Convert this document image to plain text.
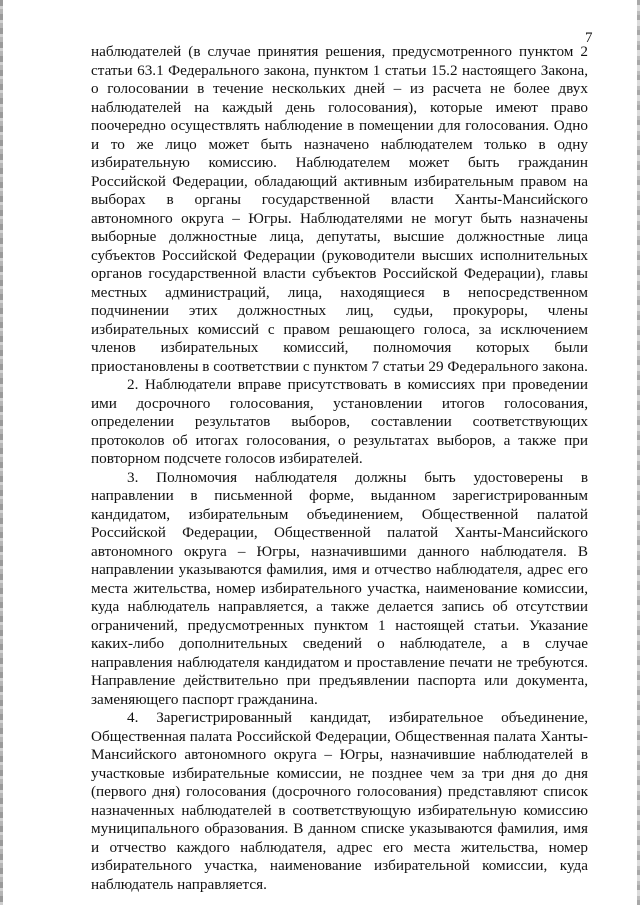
7

наблюдателей (в случае принятия решения, предусмотренного пунктом 2 статьи 63.1 Федерального закона, пунктом 1 статьи 15.2 настоящего Закона, о голосовании в течение нескольких дней – из расчета не более двух наблюдателей на каждый день голосования), которые имеют право поочередно осуществлять наблюдение в помещении для голосования. Одно и то же лицо может быть назначено наблюдателем только в одну избирательную комиссию. Наблюдателем может быть гражданин Российской Федерации, обладающий активным избирательным правом на выборах в органы государственной власти Ханты-Мансийского автономного округа – Югры. Наблюдателями не могут быть назначены выборные должностные лица, депутаты, высшие должностные лица субъектов Российской Федерации (руководители высших исполнительных органов государственной власти субъектов Российской Федерации), главы местных администраций, лица, находящиеся в непосредственном подчинении этих должностных лиц, судьи, прокуроры, члены избирательных комиссий с правом решающего голоса, за исключением членов избирательных комиссий, полномочия которых были приостановлены в соответствии с пунктом 7 статьи 29 Федерального закона.

2. Наблюдатели вправе присутствовать в комиссиях при проведении ими досрочного голосования, установлении итогов голосования, определении результатов выборов, составлении соответствующих протоколов об итогах голосования, о результатах выборов, а также при повторном подсчете голосов избирателей.

3. Полномочия наблюдателя должны быть удостоверены в направлении в письменной форме, выданном зарегистрированным кандидатом, избирательным объединением, Общественной палатой Российской Федерации, Общественной палатой Ханты-Мансийского автономного округа – Югры, назначившими данного наблюдателя. В направлении указываются фамилия, имя и отчество наблюдателя, адрес его места жительства, номер избирательного участка, наименование комиссии, куда наблюдатель направляется, а также делается запись об отсутствии ограничений, предусмотренных пунктом 1 настоящей статьи. Указание каких-либо дополнительных сведений о наблюдателе, а в случае направления наблюдателя кандидатом и проставление печати не требуются. Направление действительно при предъявлении паспорта или документа, заменяющего паспорт гражданина.

4. Зарегистрированный кандидат, избирательное объединение, Общественная палата Российской Федерации, Общественная палата Ханты-Мансийского автономного округа – Югры, назначившие наблюдателей в участковые избирательные комиссии, не позднее чем за три дня до дня (первого дня) голосования (досрочного голосования) представляют список назначенных наблюдателей в соответствующую избирательную комиссию муниципального образования. В данном списке указываются фамилия, имя и отчество каждого наблюдателя, адрес его места жительства, номер избирательного участка, наименование избирательной комиссии, куда наблюдатель направляется.
